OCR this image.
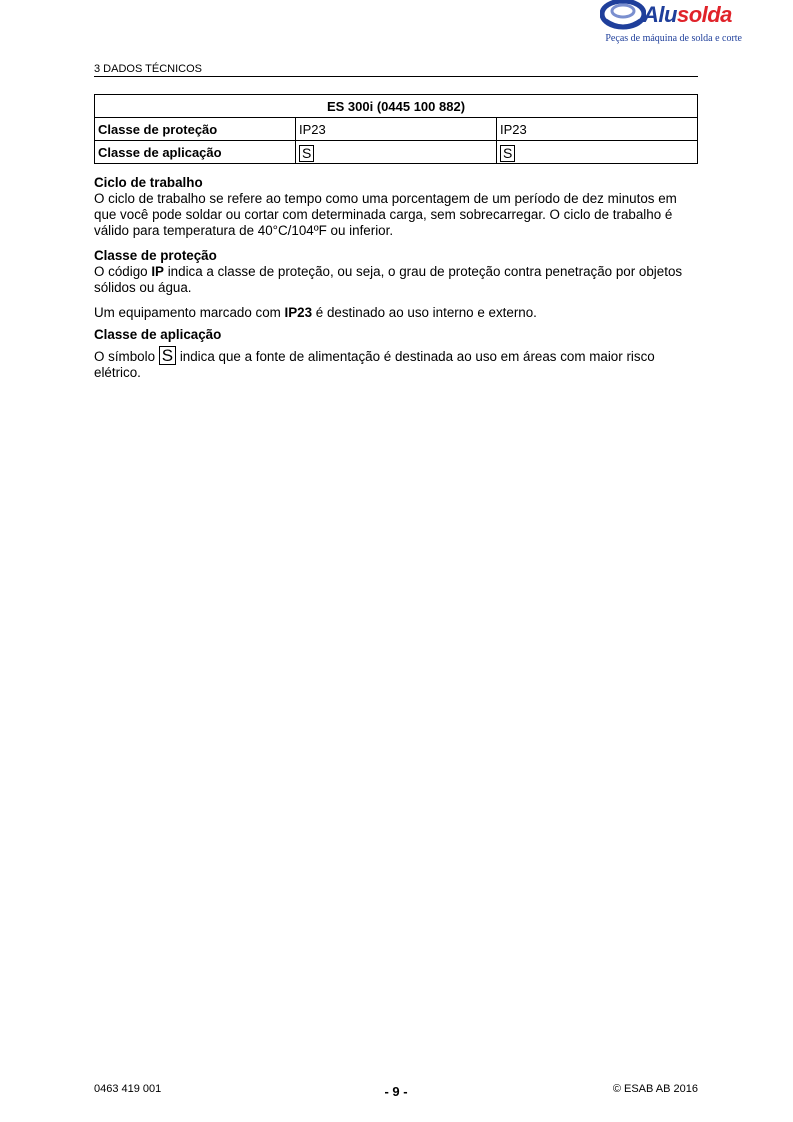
Alusolda
Peças de máquina de solda e corte
3 DADOS TÉCNICOS
ES 300i (0445 100 882)		
Classe de proteção	IP23	IP23
Classe de aplicação	S	S
Ciclo de trabalho

O ciclo de trabalho se refere ao tempo como uma porcentagem de um período de dez minutos em que você pode soldar ou cortar com determinada carga, sem sobrecarregar. O ciclo de trabalho é válido para temperatura de 40°C/104ºF ou inferior.

Classe de proteção

O código IP indica a classe de proteção, ou seja, o grau de proteção contra penetração por objetos sólidos ou água.

Um equipamento marcado com IP23 é destinado ao uso interno e externo.

Classe de aplicação

O símbolo S indica que a fonte de alimentação é destinada ao uso em áreas com maior risco elétrico.

0463 419 001	- 9 -	© ESAB AB 2016
